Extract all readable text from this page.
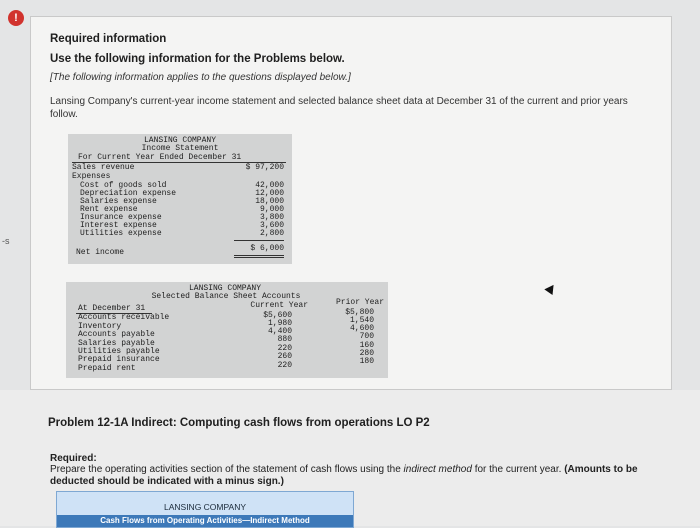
!
-s

Required information

Use the following information for the Problems below.

[The following information applies to the questions displayed below.]

Lansing Company's current-year income statement and selected balance sheet data at December 31 of the current and prior years follow.

LANSING COMPANY
Income Statement
For Current Year Ended December 31
Sales revenue	$ 97,200
Expenses
Cost of goods sold	42,000
Depreciation expense	12,000
Salaries expense	18,000
Rent expense	9,000
Insurance expense	3,800
Interest expense	3,600
Utilities expense	2,800
Net income	$ 6,000
LANSING COMPANY
Selected Balance Sheet Accounts
At December 31	Current Year	Prior Year
Accounts receivable	$5,600	$5,800
Inventory	1,980	1,540
Accounts payable	4,400	4,600
Salaries payable	880	700
Utilities payable	220	160
Prepaid insurance	260	280
Prepaid rent	220	180

Problem 12-1A Indirect: Computing cash flows from operations LO P2

Required:

Prepare the operating activities section of the statement of cash flows using the indirect method for the current year. (Amounts to be deducted should be indicated with a minus sign.)

LANSING COMPANY
Cash Flows from Operating Activities—Indirect Method
